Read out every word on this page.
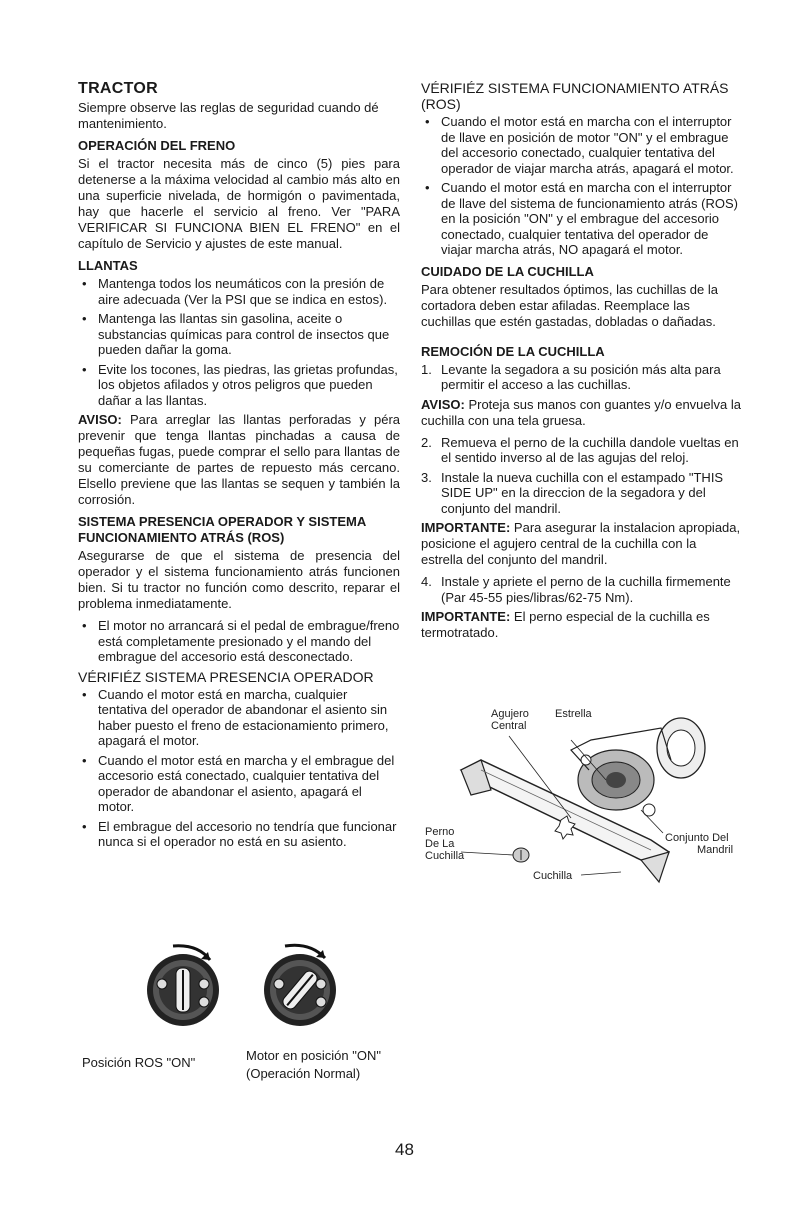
TRACTOR

Siempre observe las reglas de seguridad cuando dé mantenimiento.

OPERACIÓN DEL FRENO

Si el tractor necesita más de cinco (5) pies para detenerse a la máxima velocidad al cambio más alto en una superficie nivelada, de hormigón o pavimentada, hay que hacerle el servicio al freno. Ver "PARA VERIFICAR SI FUNCIONA BIEN EL FRENO" en el capítulo de Servicio y ajustes de este manual.

LLANTAS
• Mantenga todos los neumáticos con la presión de aire adecuada (Ver la PSI que se indica en estos).
• Mantenga las llantas sin gasolina, aceite o substancias químicas para control de insectos que pueden dañar la goma.
• Evite los tocones, las piedras, las grietas profundas, los objetos afilados y otros peligros que pueden dañar a las llantas.

AVISO: Para arreglar las llantas perforadas y péra prevenir que tenga llantas pinchadas a causa de pequeñas fugas, puede comprar el sello para llantas de su comerciante de partes de repuesto más cercano. Elsello previene que las llantas se sequen y también la corrosión.

SISTEMA PRESENCIA OPERADOR Y SISTEMA FUNCIONAMIENTO ATRÁS (ROS)

Asegurarse de que el sistema de presencia del operador y el sistema funcionamiento atrás funcionen bien. Si tu tractor no función como descrito, reparar el problema inmediatamente.

• El motor no arrancará si el pedal de embrague/freno está completamente presionado y el mando del embrague del accesorio está desconectado.

VÉRIFIÉZ SISTEMA PRESENCIA OPERADOR

• Cuando el motor está en marcha, cualquier tentativa del operador de abandonar el asiento sin haber puesto el freno de estacionamiento primero, apagará el motor.
• Cuando el motor está en marcha y el embrague del accesorio está conectado, cualquier tentativa del operador de abandonar el asiento, apagará el motor.
• El embrague del accesorio no tendría que funcionar nunca si el operador no está en su asiento.

VÉRIFIÉZ SISTEMA FUNCIONAMIENTO ATRÁS (ROS)

• Cuando el motor está en marcha con el interruptor de llave en posición de motor "ON" y el embrague del accesorio conectado, cualquier tentativa del operador de viajar marcha atrás, apagará el motor.
• Cuando el motor está en marcha con el interruptor de llave del sistema de funcionamiento atrás (ROS) en la posición "ON" y el embrague del accesorio conectado, cualquier tentativa del operador de viajar marcha atrás, NO apagará el motor.
CUIDADO DE LA CUCHILLA

Para obtener resultados óptimos, las cuchillas de la cortadora deben estar afiladas. Reemplace las cuchillas que estén gastadas, dobladas o dañadas.

REMOCIÓN DE LA CUCHILLA
1. Levante la segadora a su posición más alta para permitir el acceso a las cuchillas.

AVISO: Proteja sus manos con guantes y/o envuelva la cuchilla con una tela gruesa.

2. Remueva el perno de la cuchilla dandole vueltas en el sentido inverso al de las agujas del reloj.
3. Instale la nueva cuchilla con el estampado "THIS SIDE UP" en la direccion de la segadora y del conjunto del mandril.

IMPORTANTE: Para asegurar la instalacion apropiada, posicione el agujero central de la cuchilla con la estrella del conjunto del mandril.

4. Instale y apriete el perno de la cuchilla firmemente (Par 45-55 pies/libras/62-75 Nm).

IMPORTANTE: El perno especial de la cuchilla es termotratado.

Agujero
Central
Estrella
Perno
De La
Cuchilla
Conjunto Del
Mandril
Cuchilla
Posición ROS "ON"	Motor en posición "ON"
(Operación Normal)
48
